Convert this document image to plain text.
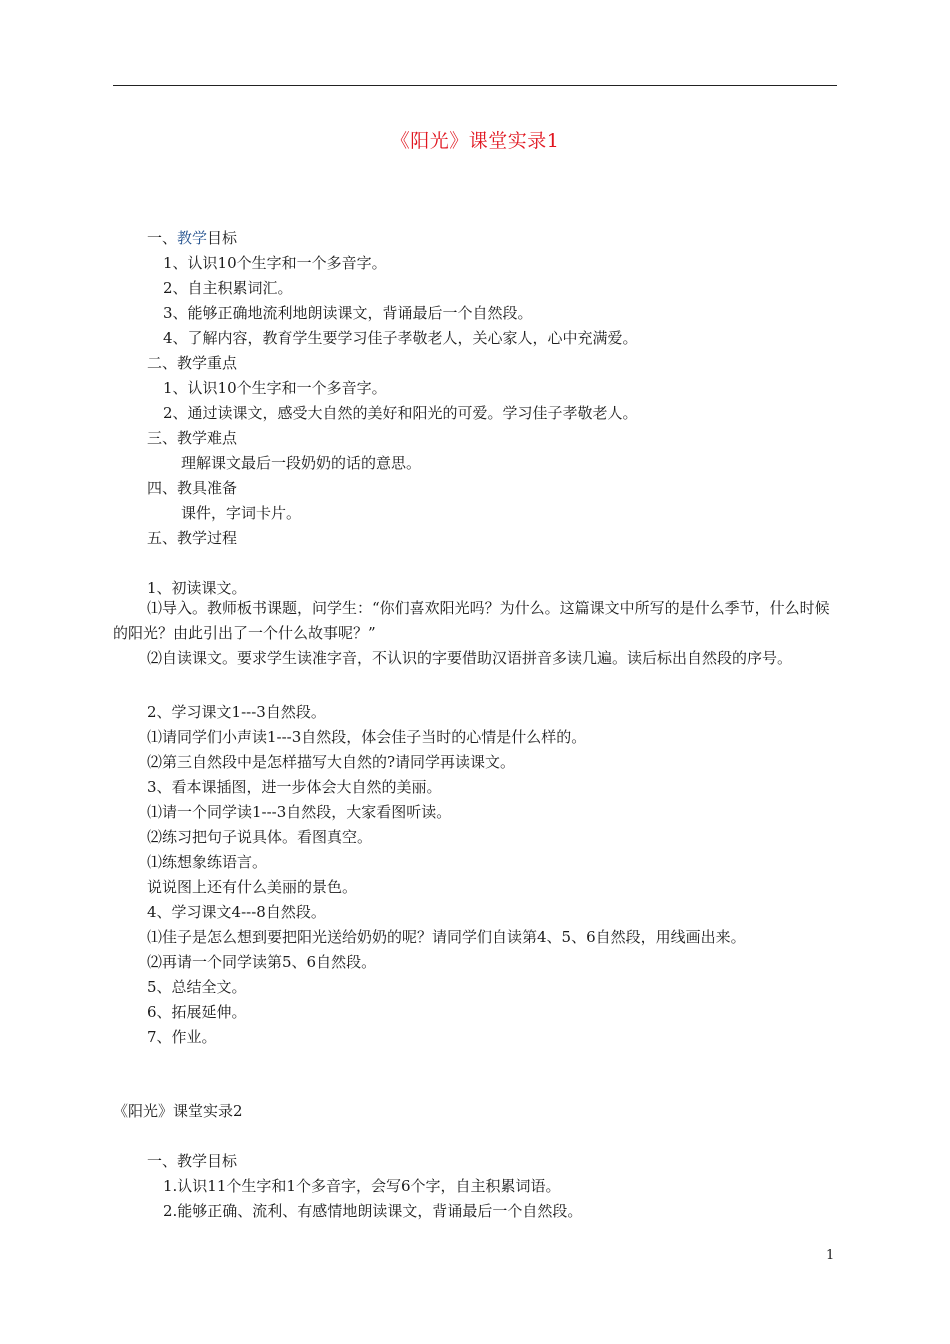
《阳光》课堂实录1
一、教学目标
1、认识10个生字和一个多音字。
2、自主积累词汇。
3、能够正确地流利地朗读课文，背诵最后一个自然段。
4、了解内容，教育学生要学习佳子孝敬老人，关心家人，心中充满爱。
二、教学重点
1、认识10个生字和一个多音字。
2、通过读课文，感受大自然的美好和阳光的可爱。学习佳子孝敬老人。
三、教学难点
理解课文最后一段奶奶的话的意思。
四、教具准备
课件，字词卡片。
五、教学过程
1、初读课文。
⑴导入。教师板书课题，问学生：“你们喜欢阳光吗？为什么。这篇课文中所写的是什么季节，什么时候的阳光？由此引出了一个什么故事呢？”
⑵自读课文。要求学生读准字音，不认识的字要借助汉语拼音多读几遍。读后标出自然段的序号。
2、学习课文1---3自然段。
⑴请同学们小声读1---3自然段，体会佳子当时的心情是什么样的。
⑵第三自然段中是怎样描写大自然的?请同学再读课文。
3、看本课插图，进一步体会大自然的美丽。
⑴请一个同学读1---3自然段，大家看图听读。
⑵练习把句子说具体。看图真空。
⑴练想象练语言。
说说图上还有什么美丽的景色。
4、学习课文4---8自然段。
⑴佳子是怎么想到要把阳光送给奶奶的呢？请同学们自读第4、5、6自然段，用线画出来。
⑵再请一个同学读第5、6自然段。
5、总结全文。
6、拓展延伸。
7、作业。
《阳光》课堂实录2
一、教学目标
1.认识11个生字和1个多音字，会写6个字，自主积累词语。
2.能够正确、流利、有感情地朗读课文，背诵最后一个自然段。
1
